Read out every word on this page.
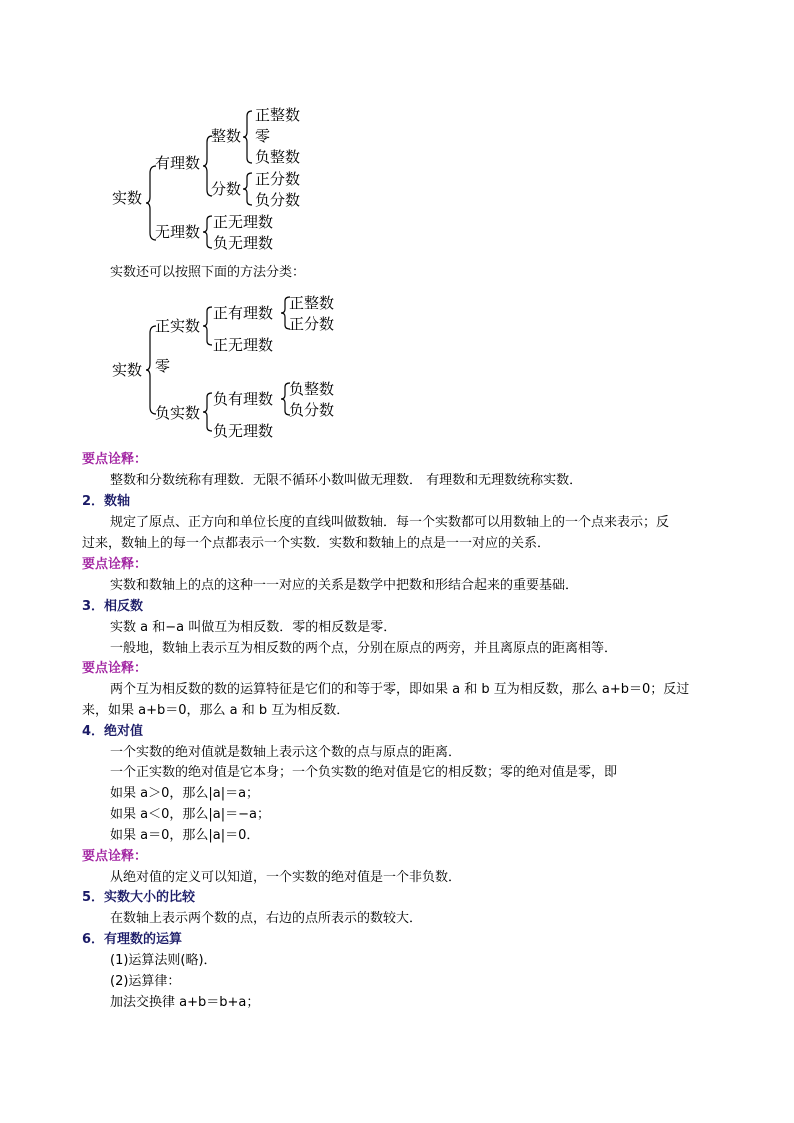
实数
有理数
整数
正整数
零
负整数
分数
正分数
负分数
无理数
正无理数
负无理数
实数还可以按照下面的方法分类：
实数
正实数
正有理数
正整数
正分数
正无理数
零
负实数
负有理数
负整数
负分数
负无理数
要点诠释：
整数和分数统称有理数．无限不循环小数叫做无理数． 有理数和无理数统称实数．
2． 数轴
规定了原点、正方向和单位长度的直线叫做数轴．每一个实数都可以用数轴上的一个点来表示；反
过来，数轴上的每一个点都表示一个实数．实数和数轴上的点是一一对应的关系．
要点诠释：
实数和数轴上的点的这种一一对应的关系是数学中把数和形结合起来的重要基础．
3． 相反数
实数 a 和−a 叫做互为相反数．零的相反数是零．
一般地，数轴上表示互为相反数的两个点，分别在原点的两旁，并且离原点的距离相等．
要点诠释：
两个互为相反数的数的运算特征是它们的和等于零，即如果 a 和 b 互为相反数，那么 a+b＝0；反过
来，如果 a+b＝0，那么 a 和 b 互为相反数．
4． 绝对值
一个实数的绝对值就是数轴上表示这个数的点与原点的距离．
一个正实数的绝对值是它本身；一个负实数的绝对值是它的相反数；零的绝对值是零，即
如果 a＞0，那么|a|＝a；
如果 a＜0，那么|a|＝−a；
如果 a＝0，那么|a|＝0．
要点诠释：
从绝对值的定义可以知道，一个实数的绝对值是一个非负数．
5． 实数大小的比较
在数轴上表示两个数的点，右边的点所表示的数较大．
6． 有理数的运算
(1)运算法则(略)．
(2)运算律：
加法交换律 a+b＝b+a；
